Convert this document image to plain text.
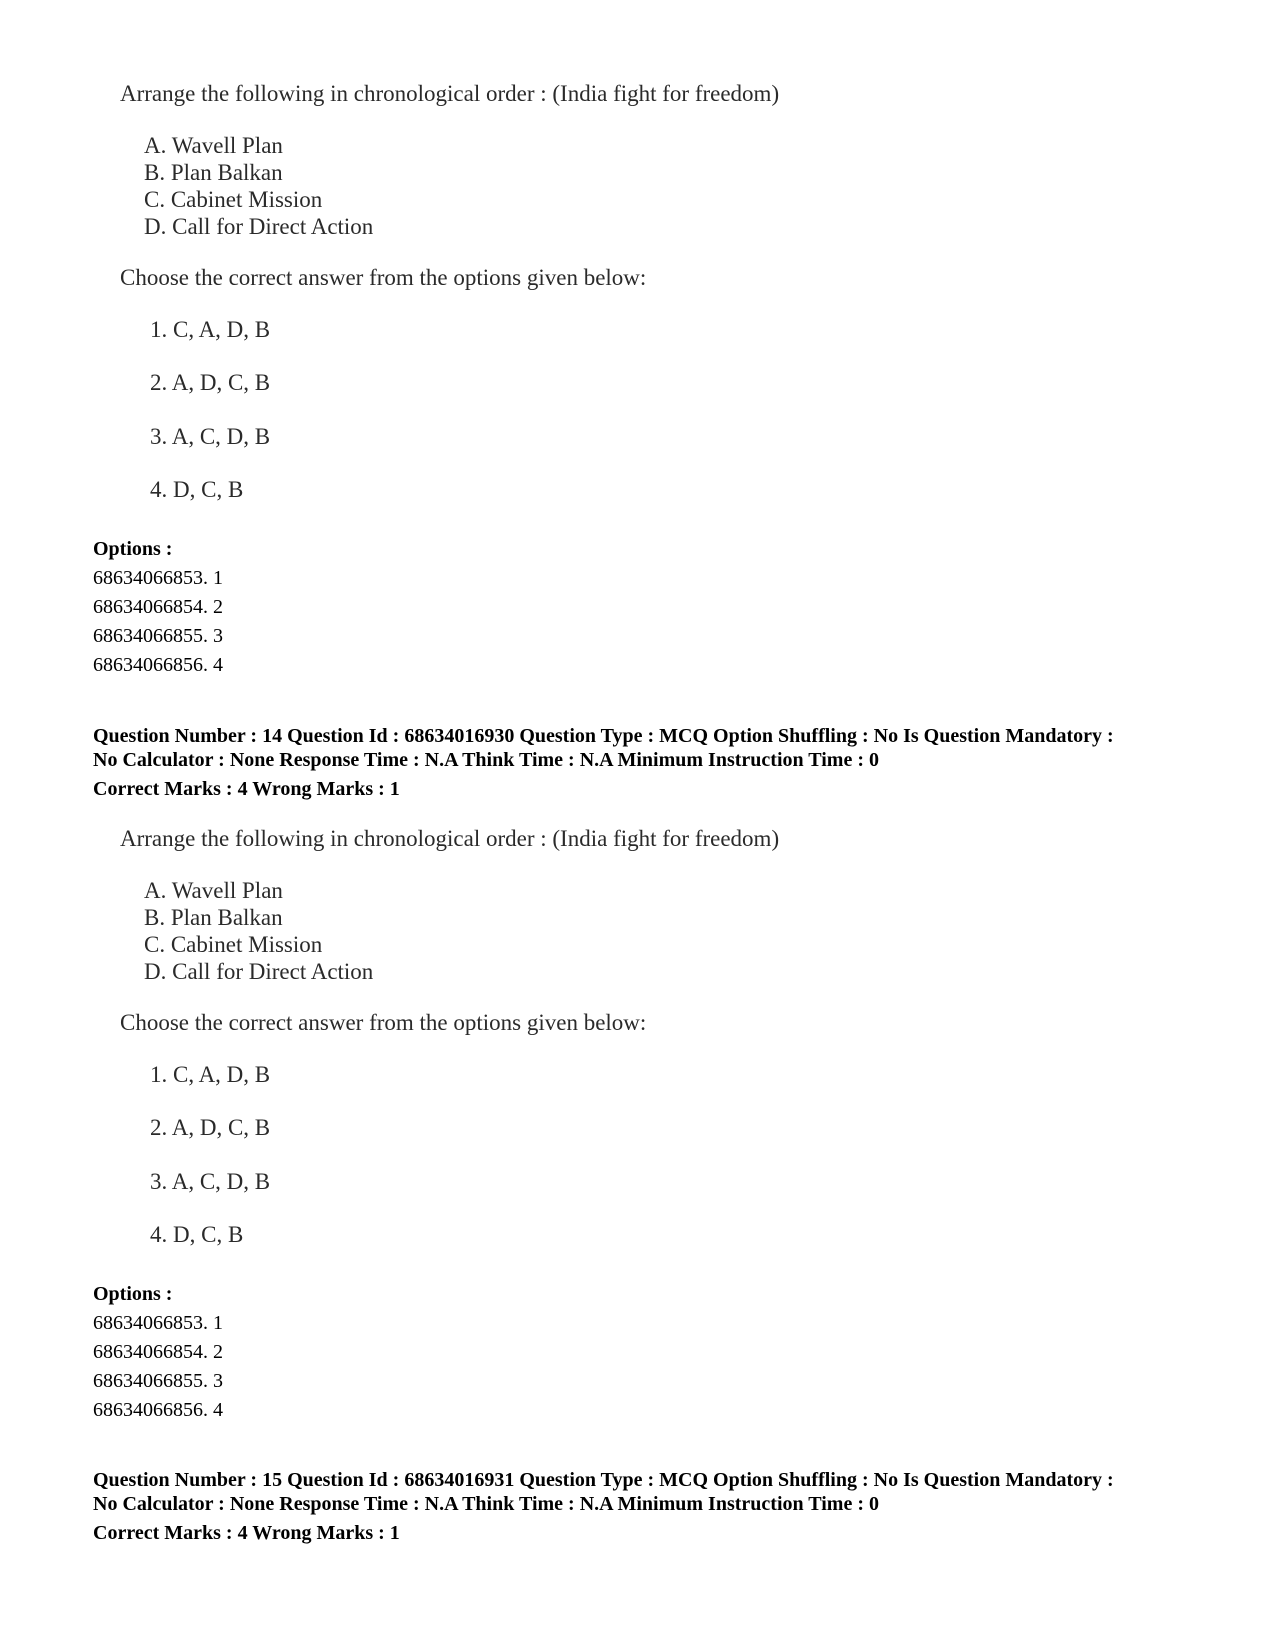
Arrange the following in chronological order : (India fight for freedom)
A. Wavell Plan
B. Plan Balkan
C. Cabinet Mission
D. Call for Direct Action
Choose the correct answer from the options given below:
1. C, A, D, B
2. A, D, C, B
3. A, C, D, B
4. D, C, B
Options :
68634066853. 1
68634066854. 2
68634066855. 3
68634066856. 4
Question Number : 14 Question Id : 68634016930 Question Type : MCQ Option Shuffling : No Is Question Mandatory :
No Calculator : None Response Time : N.A Think Time : N.A Minimum Instruction Time : 0
Correct Marks : 4 Wrong Marks : 1
Arrange the following in chronological order : (India fight for freedom)
A. Wavell Plan
B. Plan Balkan
C. Cabinet Mission
D. Call for Direct Action
Choose the correct answer from the options given below:
1. C, A, D, B
2. A, D, C, B
3. A, C, D, B
4. D, C, B
Options :
68634066853. 1
68634066854. 2
68634066855. 3
68634066856. 4
Question Number : 15 Question Id : 68634016931 Question Type : MCQ Option Shuffling : No Is Question Mandatory :
No Calculator : None Response Time : N.A Think Time : N.A Minimum Instruction Time : 0
Correct Marks : 4 Wrong Marks : 1
